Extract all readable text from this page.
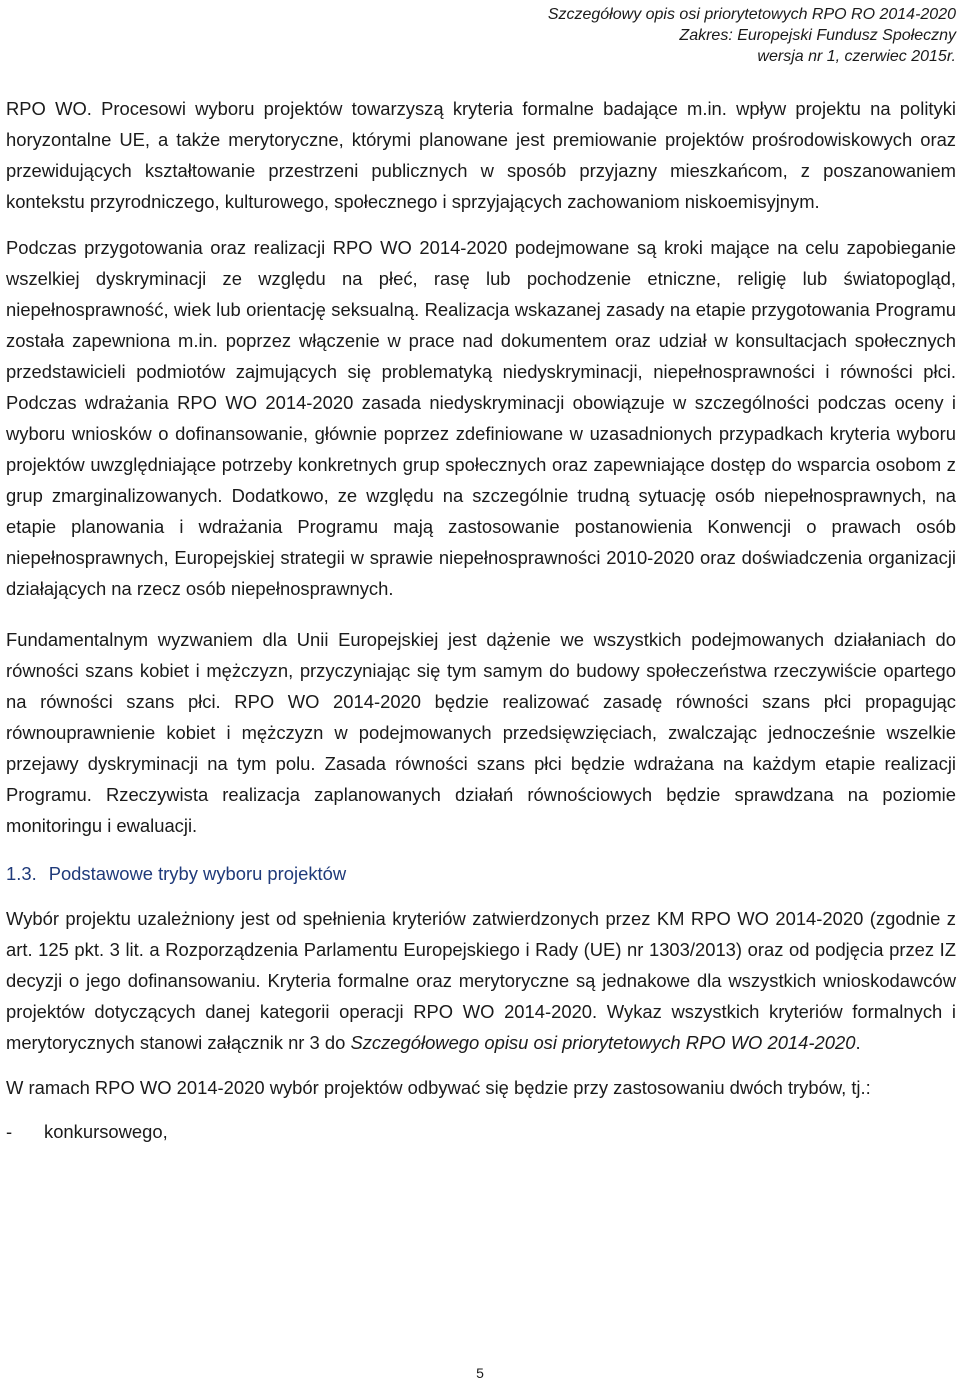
Szczegółowy opis osi priorytetowych RPO RO 2014-2020
Zakres: Europejski Fundusz Społeczny
wersja nr 1, czerwiec 2015r.

RPO WO. Procesowi wyboru projektów towarzyszą kryteria formalne badające m.in. wpływ projektu na polityki horyzontalne UE, a także merytoryczne, którymi planowane jest premiowanie projektów prośrodowiskowych oraz przewidujących kształtowanie przestrzeni publicznych w sposób przyjazny mieszkańcom, z poszanowaniem kontekstu przyrodniczego, kulturowego, społecznego i sprzyjających zachowaniom niskoemisyjnym.

Podczas przygotowania oraz realizacji RPO WO 2014-2020 podejmowane są kroki mające na celu zapobieganie wszelkiej dyskryminacji ze względu na płeć, rasę lub pochodzenie etniczne, religię lub światopogląd, niepełnosprawność, wiek lub orientację seksualną. Realizacja wskazanej zasady na etapie przygotowania Programu została zapewniona m.in. poprzez włączenie w prace nad dokumentem oraz udział w konsultacjach społecznych przedstawicieli podmiotów zajmujących się problematyką niedyskryminacji, niepełnosprawności i równości płci. Podczas wdrażania RPO WO 2014-2020 zasada niedyskryminacji obowiązuje w szczególności podczas oceny i wyboru wniosków o dofinansowanie, głównie poprzez zdefiniowane w uzasadnionych przypadkach kryteria wyboru projektów uwzględniające potrzeby konkretnych grup społecznych oraz zapewniające dostęp do wsparcia osobom z grup zmarginalizowanych. Dodatkowo, ze względu na szczególnie trudną sytuację osób niepełnosprawnych, na etapie planowania i wdrażania Programu mają zastosowanie postanowienia Konwencji o prawach osób niepełnosprawnych, Europejskiej strategii w sprawie niepełnosprawności 2010-2020 oraz doświadczenia organizacji działających na rzecz osób niepełnosprawnych.

Fundamentalnym wyzwaniem dla Unii Europejskiej jest dążenie we wszystkich podejmowanych działaniach do równości szans kobiet i mężczyzn, przyczyniając się tym samym do budowy społeczeństwa rzeczywiście opartego na równości szans płci. RPO WO 2014-2020 będzie realizować zasadę równości szans płci propagując równouprawnienie kobiet i mężczyzn w podejmowanych przedsięwzięciach, zwalczając jednocześnie wszelkie przejawy dyskryminacji na tym polu. Zasada równości szans płci będzie wdrażana na każdym etapie realizacji Programu. Rzeczywista realizacja zaplanowanych działań równościowych będzie sprawdzana na poziomie monitoringu i ewaluacji.

1.3. Podstawowe tryby wyboru projektów

Wybór projektu uzależniony jest od spełnienia kryteriów zatwierdzonych przez KM RPO WO 2014-2020 (zgodnie z art. 125 pkt. 3 lit. a Rozporządzenia Parlamentu Europejskiego i Rady (UE) nr 1303/2013) oraz od podjęcia przez IZ decyzji o jego dofinansowaniu. Kryteria formalne oraz merytoryczne są jednakowe dla wszystkich wnioskodawców projektów dotyczących danej kategorii operacji RPO WO 2014-2020. Wykaz wszystkich kryteriów formalnych i merytorycznych stanowi załącznik nr 3 do Szczegółowego opisu osi priorytetowych RPO WO 2014-2020.

W ramach RPO WO 2014-2020 wybór projektów odbywać się będzie przy zastosowaniu dwóch trybów, tj.:

‑ konkursowego,
5
